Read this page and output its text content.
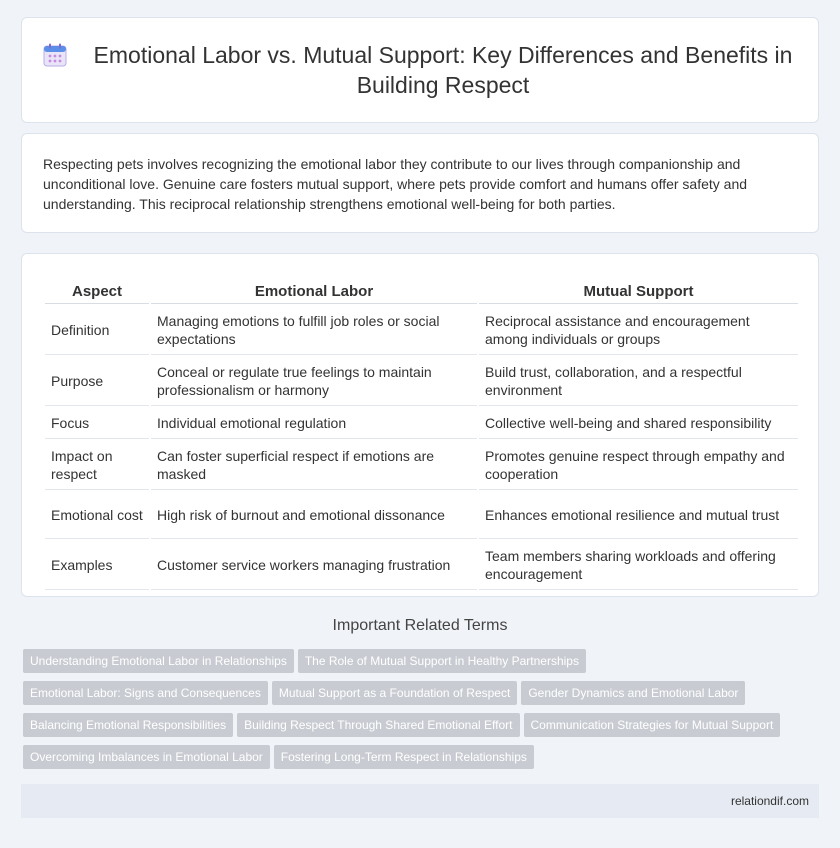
Emotional Labor vs. Mutual Support: Key Differences and Benefits in Building Respect

Respecting pets involves recognizing the emotional labor they contribute to our lives through companionship and unconditional love. Genuine care fosters mutual support, where pets provide comfort and humans offer safety and understanding. This reciprocal relationship strengthens emotional well-being for both parties.

Aspect	Emotional Labor	Mutual Support
Definition	Managing emotions to fulfill job roles or social expectations	Reciprocal assistance and encouragement among individuals or groups
Purpose	Conceal or regulate true feelings to maintain professionalism or harmony	Build trust, collaboration, and a respectful environment
Focus	Individual emotional regulation	Collective well-being and shared responsibility
Impact on respect	Can foster superficial respect if emotions are masked	Promotes genuine respect through empathy and cooperation
Emotional cost	High risk of burnout and emotional dissonance	Enhances emotional resilience and mutual trust
Examples	Customer service workers managing frustration	Team members sharing workloads and offering encouragement
Important Related Terms
Understanding Emotional Labor in Relationships The Role of Mutual Support in Healthy Partnerships
Emotional Labor: Signs and Consequences Mutual Support as a Foundation of Respect Gender Dynamics and Emotional Labor
Balancing Emotional Responsibilities Building Respect Through Shared Emotional Effort Communication Strategies for Mutual Support
Overcoming Imbalances in Emotional Labor Fostering Long-Term Respect in Relationships
relationdif.com
